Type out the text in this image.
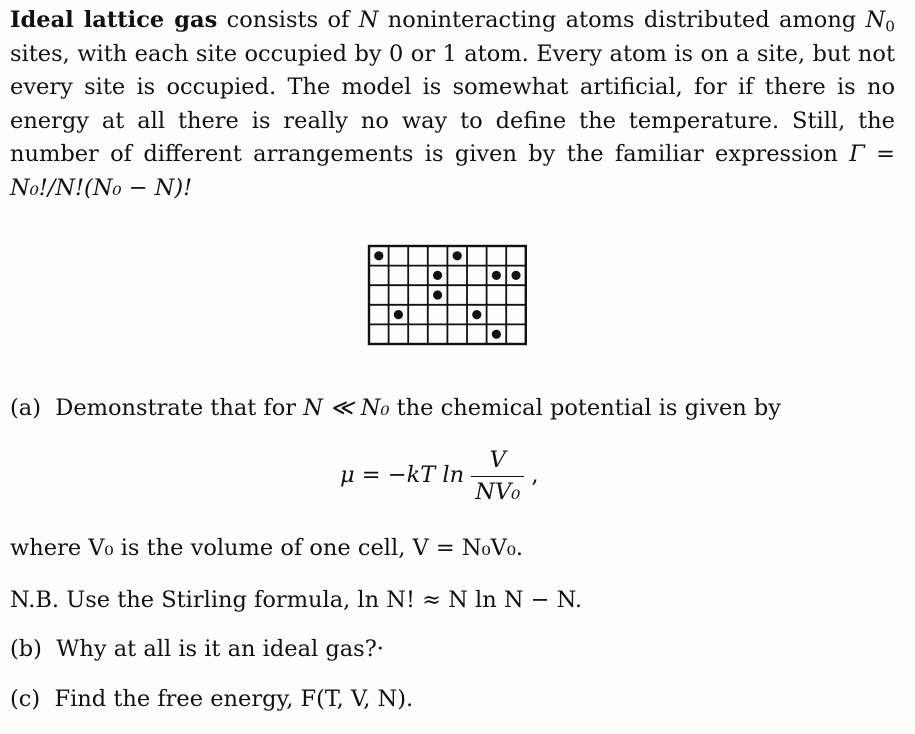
Ideal lattice gas consists of N noninteracting atoms distributed among $N_0$ sites, with each site occupied by 0 or 1 atom. Every atom is on a site, but not every site is occupied. The model is somewhat artificial, for if there is no energy at all there is really no way to define the temperature. Still, the number of different arrangements is given by the familiar expression Γ = N₀!/N!(N₀ − N)!
(a) Demonstrate that for N ≪ N₀ the chemical potential is given by
μ = −kT $\ln \frac{V}{\text{NV₀}}$ ,
where V₀ is the volume of one cell, V = N₀V₀.
N.B. Use the Stirling formula, ln N! ≈ N ln N − N.
(b) Why at all is it an ideal gas?·
(c) Find the free energy, F(T, V, N).
